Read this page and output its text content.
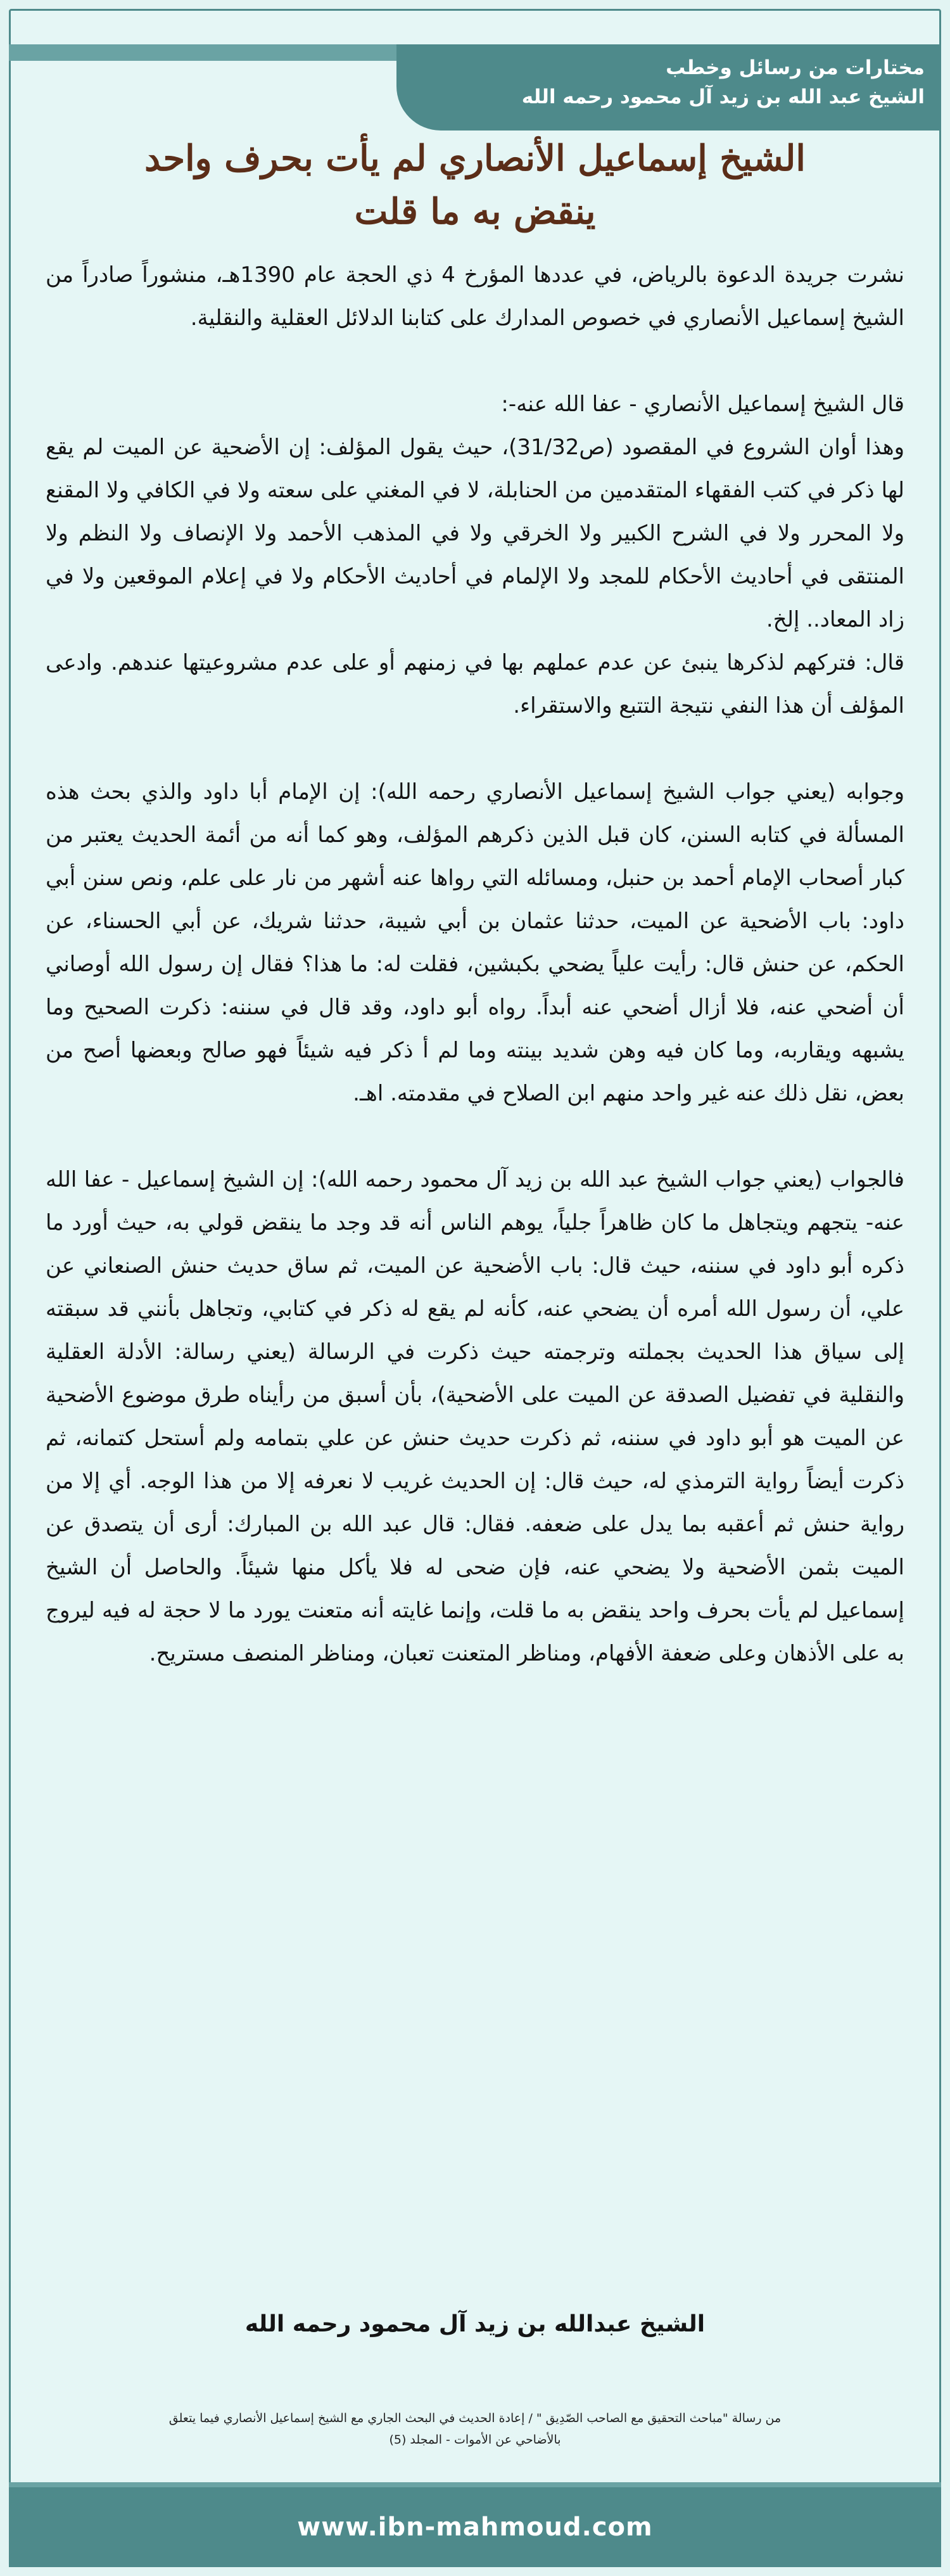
مختارات من رسائل وخطب
الشيخ عبد الله بن زيد آل محمود رحمه الله
الشيخ إسماعيل الأنصاري لم يأت بحرف واحد
ينقض به ما قلت

نشرت جريدة الدعوة بالرياض، في عددها المؤرخ 4 ذي الحجة عام 1390هـ، منشوراً صادراً من الشيخ إسماعيل الأنصاري في خصوص المدارك على كتابنا الدلائل العقلية والنقلية.

قال الشيخ إسماعيل الأنصاري - عفا الله عنه-:

وهذا أوان الشروع في المقصود (ص31/32)، حيث يقول المؤلف: إن الأضحية عن الميت لم يقع لها ذكر في كتب الفقهاء المتقدمين من الحنابلة، لا في المغني على سعته ولا في الكافي ولا المقنع ولا المحرر ولا في الشرح الكبير ولا الخرقي ولا في المذهب الأحمد ولا الإنصاف ولا النظم ولا المنتقى في أحاديث الأحكام للمجد ولا الإلمام في أحاديث الأحكام ولا في إعلام الموقعين ولا في زاد المعاد.. إلخ.

قال: فتركهم لذكرها ينبئ عن عدم عملهم بها في زمنهم أو على عدم مشروعيتها عندهم. وادعى المؤلف أن هذا النفي نتيجة التتبع والاستقراء.

وجوابه (يعني جواب الشيخ إسماعيل الأنصاري رحمه الله): إن الإمام أبا داود والذي بحث هذه المسألة في كتابه السنن، كان قبل الذين ذكرهم المؤلف، وهو كما أنه من أئمة الحديث يعتبر من كبار أصحاب الإمام أحمد بن حنبل، ومسائله التي رواها عنه أشهر من نار على علم، ونص سنن أبي داود: باب الأضحية عن الميت، حدثنا عثمان بن أبي شيبة، حدثنا شريك، عن أبي الحسناء، عن الحكم، عن حنش قال: رأيت علياً يضحي بكبشين، فقلت له: ما هذا؟ فقال إن رسول الله أوصاني أن أضحي عنه، فلا أزال أضحي عنه أبداً. رواه أبو داود، وقد قال في سننه: ذكرت الصحيح وما يشبهه ويقاربه، وما كان فيه وهن شديد بينته وما لم أ ذكر فيه شيئاً فهو صالح وبعضها أصح من بعض، نقل ذلك عنه غير واحد منهم ابن الصلاح في مقدمته. اهـ.

فالجواب (يعني جواب الشيخ عبد الله بن زيد آل محمود رحمه الله): إن الشيخ إسماعيل - عفا الله عنه- يتجهم ويتجاهل ما كان ظاهراً جلياً، يوهم الناس أنه قد وجد ما ينقض قولي به، حيث أورد ما ذكره أبو داود في سننه، حيث قال: باب الأضحية عن الميت، ثم ساق حديث حنش الصنعاني عن علي، أن رسول الله أمره أن يضحي عنه، كأنه لم يقع له ذكر في كتابي، وتجاهل بأنني قد سبقته إلى سياق هذا الحديث بجملته وترجمته حيث ذكرت في الرسالة (يعني رسالة: الأدلة العقلية والنقلية في تفضيل الصدقة عن الميت على الأضحية)، بأن أسبق من رأيناه طرق موضوع الأضحية عن الميت هو أبو داود في سننه، ثم ذكرت حديث حنش عن علي بتمامه ولم أستحل كتمانه، ثم ذكرت أيضاً رواية الترمذي له، حيث قال: إن الحديث غريب لا نعرفه إلا من هذا الوجه. أي إلا من رواية حنش ثم أعقبه بما يدل على ضعفه. فقال: قال عبد الله بن المبارك: أرى أن يتصدق عن الميت بثمن الأضحية ولا يضحي عنه، فإن ضحى له فلا يأكل منها شيئاً. والحاصل أن الشيخ إسماعيل لم يأت بحرف واحد ينقض به ما قلت، وإنما غايته أنه متعنت يورد ما لا حجة له فيه ليروج به على الأذهان وعلى ضعفة الأفهام، ومناظر المتعنت تعبان، ومناظر المنصف مستريح.

الشيخ عبدالله بن زيد آل محمود رحمه الله
من رسالة "مباحث التحقيق مع الصاحب الصّدِيق " / إعادة الحديث في البحث الجاري مع الشيخ إسماعيل الأنصاري فيما يتعلق
بالأضاحي عن الأموات - المجلد (5)
www.ibn-mahmoud.com
